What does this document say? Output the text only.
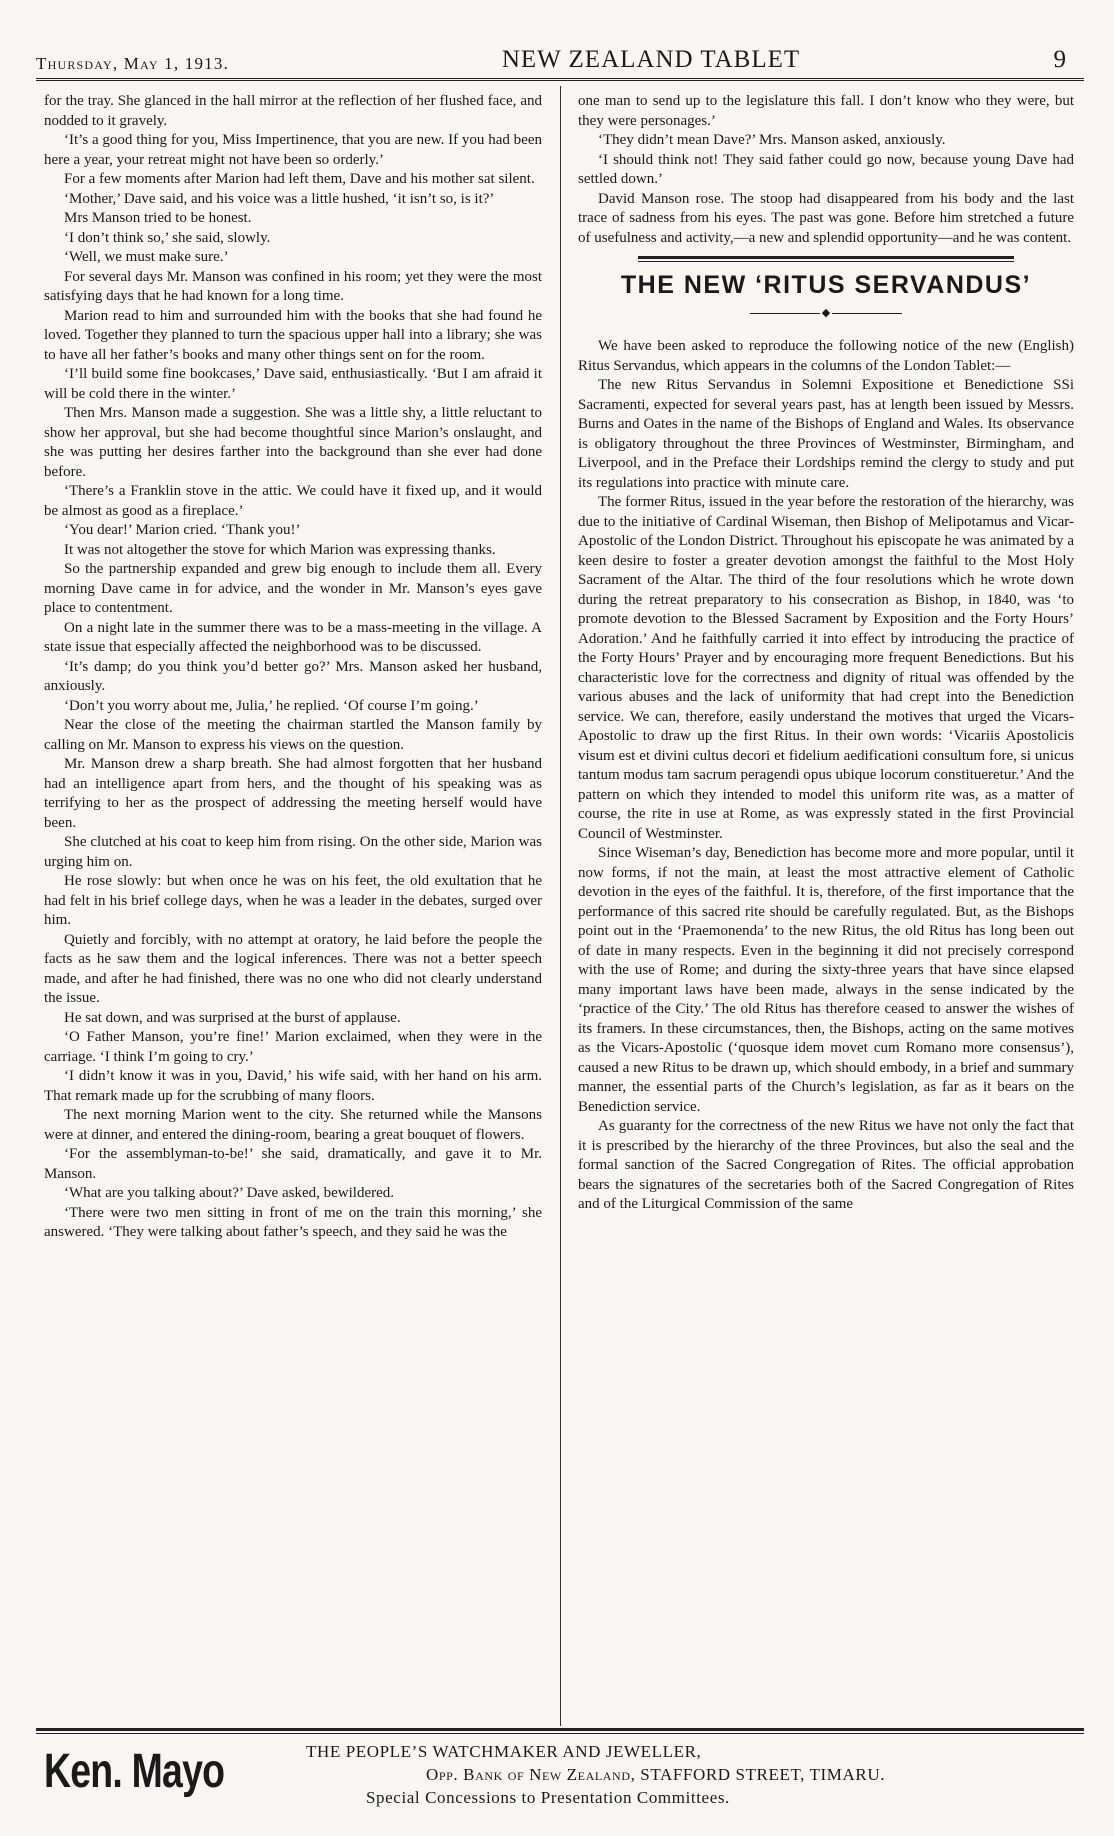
Thursday, May 1, 1913.	NEW ZEALAND TABLET	9

for the tray. She glanced in the hall mirror at the reflection of her flushed face, and nodded to it gravely.

‘It’s a good thing for you, Miss Impertinence, that you are new. If you had been here a year, your retreat might not have been so orderly.’

For a few moments after Marion had left them, Dave and his mother sat silent.

‘Mother,’ Dave said, and his voice was a little hushed, ‘it isn’t so, is it?’

Mrs Manson tried to be honest.

‘I don’t think so,’ she said, slowly.

‘Well, we must make sure.’

For several days Mr. Manson was confined in his room; yet they were the most satisfying days that he had known for a long time.

Marion read to him and surrounded him with the books that she had found he loved. Together they planned to turn the spacious upper hall into a library; she was to have all her father’s books and many other things sent on for the room.

‘I’ll build some fine bookcases,’ Dave said, enthusiastically. ‘But I am afraid it will be cold there in the winter.’

Then Mrs. Manson made a suggestion. She was a little shy, a little reluctant to show her approval, but she had become thoughtful since Marion’s onslaught, and she was putting her desires farther into the background than she ever had done before.

‘There’s a Franklin stove in the attic. We could have it fixed up, and it would be almost as good as a fireplace.’

‘You dear!’ Marion cried. ‘Thank you!’

It was not altogether the stove for which Marion was expressing thanks.

So the partnership expanded and grew big enough to include them all. Every morning Dave came in for advice, and the wonder in Mr. Manson’s eyes gave place to contentment.

On a night late in the summer there was to be a mass-meeting in the village. A state issue that especially affected the neighborhood was to be discussed.

‘It’s damp; do you think you’d better go?’ Mrs. Manson asked her husband, anxiously.

‘Don’t you worry about me, Julia,’ he replied. ‘Of course I’m going.’

Near the close of the meeting the chairman startled the Manson family by calling on Mr. Manson to express his views on the question.

Mr. Manson drew a sharp breath. She had almost forgotten that her husband had an intelligence apart from hers, and the thought of his speaking was as terrifying to her as the prospect of addressing the meeting herself would have been.

She clutched at his coat to keep him from rising. On the other side, Marion was urging him on.

He rose slowly: but when once he was on his feet, the old exultation that he had felt in his brief college days, when he was a leader in the debates, surged over him.

Quietly and forcibly, with no attempt at oratory, he laid before the people the facts as he saw them and the logical inferences. There was not a better speech made, and after he had finished, there was no one who did not clearly understand the issue.

He sat down, and was surprised at the burst of applause.

‘O Father Manson, you’re fine!’ Marion exclaimed, when they were in the carriage. ‘I think I’m going to cry.’

‘I didn’t know it was in you, David,’ his wife said, with her hand on his arm. That remark made up for the scrubbing of many floors.

The next morning Marion went to the city. She returned while the Mansons were at dinner, and entered the dining-room, bearing a great bouquet of flowers.

‘For the assemblyman-to-be!’ she said, dramatically, and gave it to Mr. Manson.

‘What are you talking about?’ Dave asked, bewildered.

‘There were two men sitting in front of me on the train this morning,’ she answered. ‘They were talking about father’s speech, and they said he was the

one man to send up to the legislature this fall. I don’t know who they were, but they were personages.’

‘They didn’t mean Dave?’ Mrs. Manson asked, anxiously.

‘I should think not! They said father could go now, because young Dave had settled down.’

David Manson rose. The stoop had disappeared from his body and the last trace of sadness from his eyes. The past was gone. Before him stretched a future of usefulness and activity,—a new and splendid opportunity—and he was content.

THE NEW ‘RITUS SERVANDUS’
◆

We have been asked to reproduce the following notice of the new (English) Ritus Servandus, which appears in the columns of the London Tablet:—

The new Ritus Servandus in Solemni Expositione et Benedictione SSi Sacramenti, expected for several years past, has at length been issued by Messrs. Burns and Oates in the name of the Bishops of England and Wales. Its observance is obligatory throughout the three Provinces of Westminster, Birmingham, and Liverpool, and in the Preface their Lordships remind the clergy to study and put its regulations into practice with minute care.

The former Ritus, issued in the year before the restoration of the hierarchy, was due to the initiative of Cardinal Wiseman, then Bishop of Melipotamus and Vicar-Apostolic of the London District. Throughout his episcopate he was animated by a keen desire to foster a greater devotion amongst the faithful to the Most Holy Sacrament of the Altar. The third of the four resolutions which he wrote down during the retreat preparatory to his consecration as Bishop, in 1840, was ‘to promote devotion to the Blessed Sacrament by Exposition and the Forty Hours’ Adoration.’ And he faithfully carried it into effect by introducing the practice of the Forty Hours’ Prayer and by encouraging more frequent Benedictions. But his characteristic love for the correctness and dignity of ritual was offended by the various abuses and the lack of uniformity that had crept into the Benediction service. We can, therefore, easily understand the motives that urged the Vicars-Apostolic to draw up the first Ritus. In their own words: ‘Vicariis Apostolicis visum est et divini cultus decori et fidelium aedificationi consultum fore, si unicus tantum modus tam sacrum peragendi opus ubique locorum constitueretur.’ And the pattern on which they intended to model this uniform rite was, as a matter of course, the rite in use at Rome, as was expressly stated in the first Provincial Council of Westminster.

Since Wiseman’s day, Benediction has become more and more popular, until it now forms, if not the main, at least the most attractive element of Catholic devotion in the eyes of the faithful. It is, therefore, of the first importance that the performance of this sacred rite should be carefully regulated. But, as the Bishops point out in the ‘Praemonenda’ to the new Ritus, the old Ritus has long been out of date in many respects. Even in the beginning it did not precisely correspond with the use of Rome; and during the sixty-three years that have since elapsed many important laws have been made, always in the sense indicated by the ‘practice of the City.’ The old Ritus has therefore ceased to answer the wishes of its framers. In these circumstances, then, the Bishops, acting on the same motives as the Vicars-Apostolic (‘quosque idem movet cum Romano more consensus’), caused a new Ritus to be drawn up, which should embody, in a brief and summary manner, the essential parts of the Church’s legislation, as far as it bears on the Benediction service.

As guaranty for the correctness of the new Ritus we have not only the fact that it is prescribed by the hierarchy of the three Provinces, but also the seal and the formal sanction of the Sacred Congregation of Rites. The official approbation bears the signatures of the secretaries both of the Sacred Congregation of Rites and of the Liturgical Commission of the same

Ken. Mayo	THE PEOPLE’S WATCHMAKER AND JEWELLER,
Opp. Bank of New Zealand, STAFFORD STREET, TIMARU.
Special Concessions to Presentation Committees.
